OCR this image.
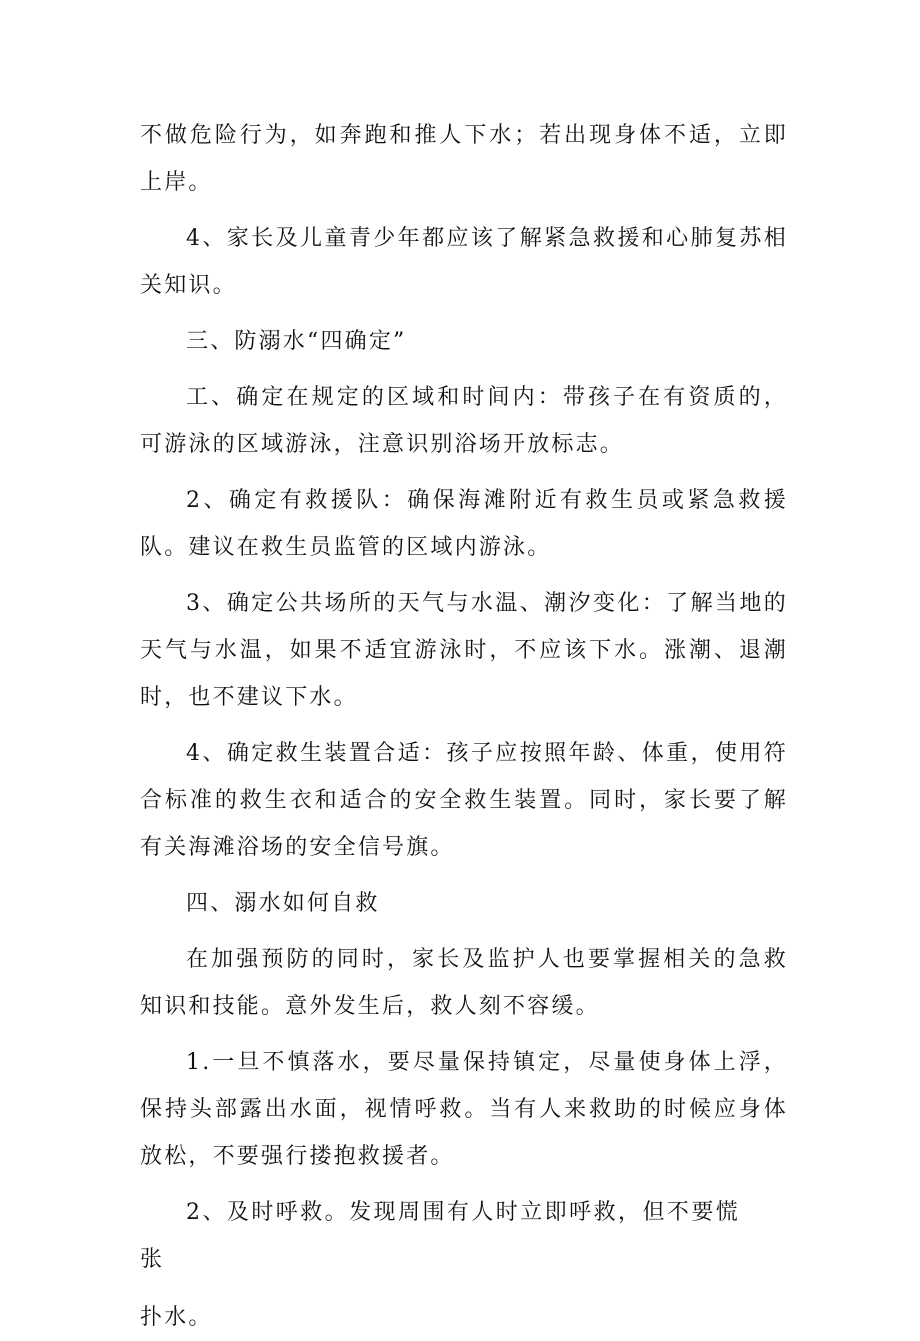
不做危险行为，如奔跑和推人下水；若出现身体不适，立即上岸。

4、家长及儿童青少年都应该了解紧急救援和心肺复苏相关知识。

三、防溺水“四确定”

工、确定在规定的区域和时间内：带孩子在有资质的，可游泳的区域游泳，注意识别浴场开放标志。

2、确定有救援队：确保海滩附近有救生员或紧急救援队。建议在救生员监管的区域内游泳。

3、确定公共场所的天气与水温、潮汐变化：了解当地的天气与水温，如果不适宜游泳时，不应该下水。涨潮、退潮时，也不建议下水。

4、确定救生装置合适：孩子应按照年龄、体重，使用符合标准的救生衣和适合的安全救生装置。同时，家长要了解有关海滩浴场的安全信号旗。

四、溺水如何自救

在加强预防的同时，家长及监护人也要掌握相关的急救知识和技能。意外发生后，救人刻不容缓。

1.一旦不慎落水，要尽量保持镇定，尽量使身体上浮，保持头部露出水面，视情呼救。当有人来救助的时候应身体放松，不要强行搂抱救援者。

2、及时呼救。发现周围有人时立即呼救，但不要慌张

扑水。
